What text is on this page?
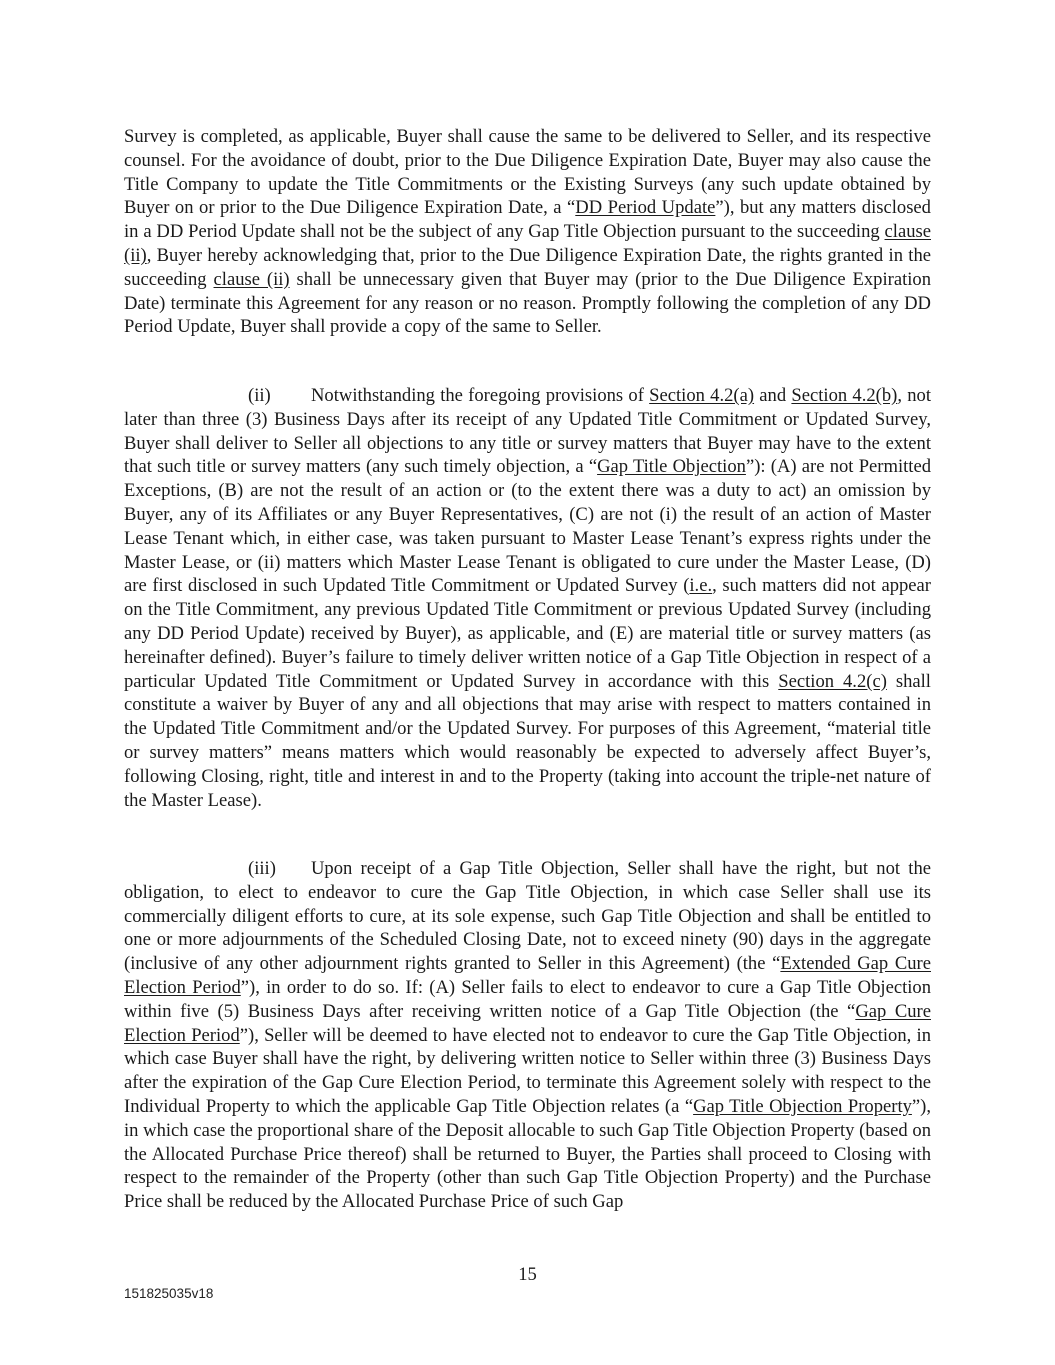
Survey is completed, as applicable, Buyer shall cause the same to be delivered to Seller, and its respective counsel. For the avoidance of doubt, prior to the Due Diligence Expiration Date, Buyer may also cause the Title Company to update the Title Commitments or the Existing Surveys (any such update obtained by Buyer on or prior to the Due Diligence Expiration Date, a “DD Period Update”), but any matters disclosed in a DD Period Update shall not be the subject of any Gap Title Objection pursuant to the succeeding clause (ii), Buyer hereby acknowledging that, prior to the Due Diligence Expiration Date, the rights granted in the succeeding clause (ii) shall be unnecessary given that Buyer may (prior to the Due Diligence Expiration Date) terminate this Agreement for any reason or no reason. Promptly following the completion of any DD Period Update, Buyer shall provide a copy of the same to Seller.

(ii) Notwithstanding the foregoing provisions of Section 4.2(a) and Section 4.2(b), not later than three (3) Business Days after its receipt of any Updated Title Commitment or Updated Survey, Buyer shall deliver to Seller all objections to any title or survey matters that Buyer may have to the extent that such title or survey matters (any such timely objection, a “Gap Title Objection”): (A) are not Permitted Exceptions, (B) are not the result of an action or (to the extent there was a duty to act) an omission by Buyer, any of its Affiliates or any Buyer Representatives, (C) are not (i) the result of an action of Master Lease Tenant which, in either case, was taken pursuant to Master Lease Tenant’s express rights under the Master Lease, or (ii) matters which Master Lease Tenant is obligated to cure under the Master Lease, (D) are first disclosed in such Updated Title Commitment or Updated Survey (i.e., such matters did not appear on the Title Commitment, any previous Updated Title Commitment or previous Updated Survey (including any DD Period Update) received by Buyer), as applicable, and (E) are material title or survey matters (as hereinafter defined). Buyer’s failure to timely deliver written notice of a Gap Title Objection in respect of a particular Updated Title Commitment or Updated Survey in accordance with this Section 4.2(c) shall constitute a waiver by Buyer of any and all objections that may arise with respect to matters contained in the Updated Title Commitment and/or the Updated Survey. For purposes of this Agreement, “material title or survey matters” means matters which would reasonably be expected to adversely affect Buyer’s, following Closing, right, title and interest in and to the Property (taking into account the triple-net nature of the Master Lease).

(iii) Upon receipt of a Gap Title Objection, Seller shall have the right, but not the obligation, to elect to endeavor to cure the Gap Title Objection, in which case Seller shall use its commercially diligent efforts to cure, at its sole expense, such Gap Title Objection and shall be entitled to one or more adjournments of the Scheduled Closing Date, not to exceed ninety (90) days in the aggregate (inclusive of any other adjournment rights granted to Seller in this Agreement) (the “Extended Gap Cure Election Period”), in order to do so. If: (A) Seller fails to elect to endeavor to cure a Gap Title Objection within five (5) Business Days after receiving written notice of a Gap Title Objection (the “Gap Cure Election Period”), Seller will be deemed to have elected not to endeavor to cure the Gap Title Objection, in which case Buyer shall have the right, by delivering written notice to Seller within three (3) Business Days after the expiration of the Gap Cure Election Period, to terminate this Agreement solely with respect to the Individual Property to which the applicable Gap Title Objection relates (a “Gap Title Objection Property”), in which case the proportional share of the Deposit allocable to such Gap Title Objection Property (based on the Allocated Purchase Price thereof) shall be returned to Buyer, the Parties shall proceed to Closing with respect to the remainder of the Property (other than such Gap Title Objection Property) and the Purchase Price shall be reduced by the Allocated Purchase Price of such Gap

15
151825035v18
